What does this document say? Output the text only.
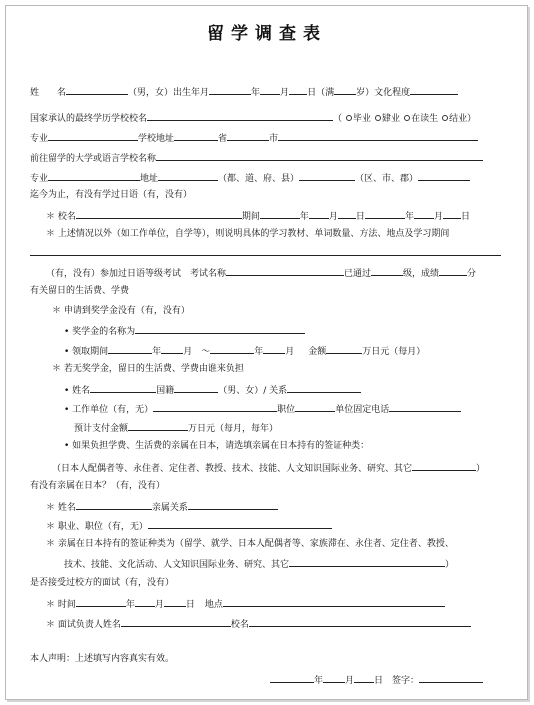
留学调查表
姓　　名	（男，女）出生年月	年 月 日（满 岁）文化程度
国家承认的最终学历学校校名	（ 毕业 肄业 在读生 结业）
专业	学校地址	省	市
前往留学的大学或语言学校名称
专业	地址	（都、道、府、县）	（区、市、郡）
迄今为止，有没有学过日语（有，没有）
＊ 校名	期间	年 月 日	年 月 日
＊ 上述情况以外（如工作单位，自学等），则说明具体的学习教材、单词数量、方法、地点及学习期间
（有，没有）参加过日语等级考试　考试名称	已通过	级，成绩	分
有关留日的生活费、学费
＊ 申请到奖学金没有（有，没有）
• 奖学金的名称为
• 领取期间	年 月　～	年 月 金额	万日元（每月）
＊ 若无奖学金，留日的生活费、学费由谁来负担
• 姓名	国籍	（男、女）/ 关系
• 工作单位（有，无）	职位	单位固定电话
预计支付金额	万日元（每月，每年）
• 如果负担学费、生活费的亲属在日本，请选填亲属在日本持有的签证种类：
（日本人配偶者等、永住者、定住者、教授、技术、技能、人文知识国际业务、研究、其它	）
有没有亲属在日本？（有，没有）
＊ 姓名	亲属关系
＊ 职业、职位（有，无）
＊ 亲属在日本持有的签证种类为（留学、就学、日本人配偶者等、家族滞在、永住者、定住者、教授、
技术、技能、文化活动、人文知识国际业务、研究、其它	）
是否接受过校方的面试（有，没有）
＊ 时间	年 月 日 地点
＊ 面试负责人姓名	校名
本人声明：上述填写内容真实有效。
年 月 日　签字：
